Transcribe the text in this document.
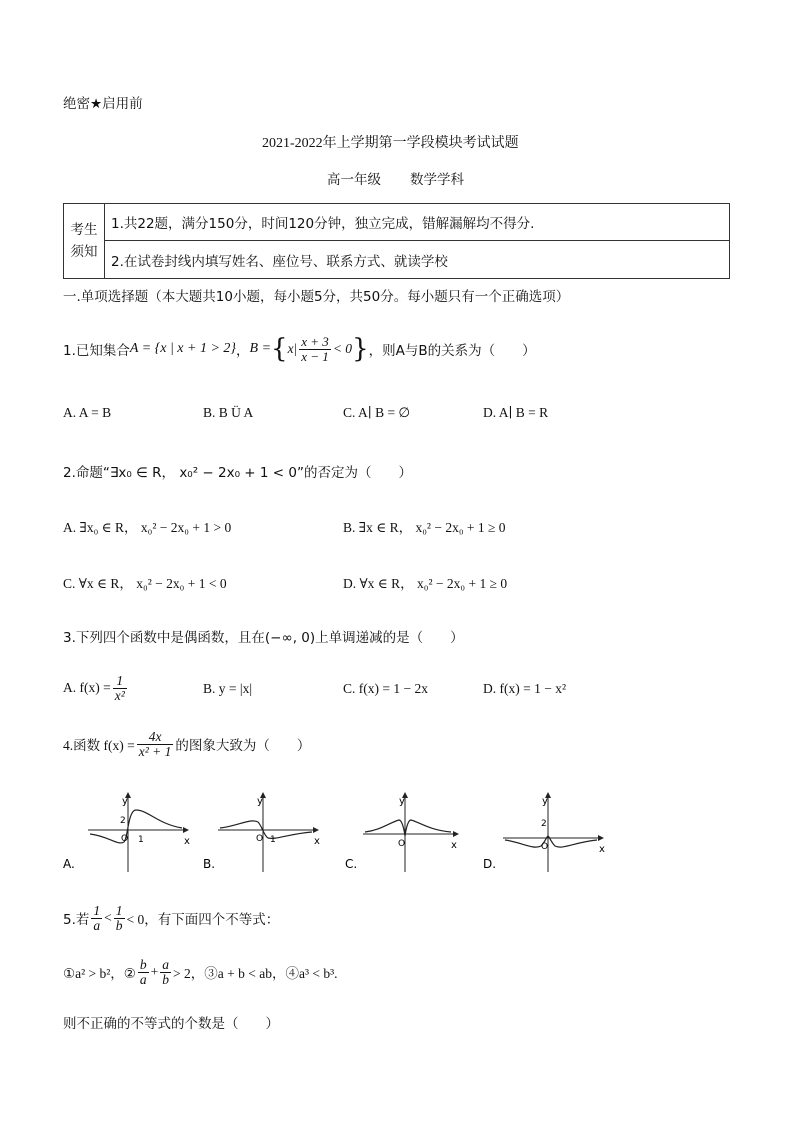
绝密★启用前
2021-2022年上学期第一学段模块考试试题
高一年级 数学学科
考生
须知	1.共22题，满分150分，时间120分钟，独立完成，错解漏解均不得分.
2.在试卷封线内填写姓名、座位号、联系方式、就读学校
一.单项选择题（本大题共10小题，每小题5分，共50分。每小题只有一个正确选项）
1.已知集合 A = {x | x + 1 > 2} ， B = { $x| \frac{x + 3}{x - 1} < 0$ } ，则A与B的关系为（　　）
A. A = B	B. B Ü A	C. A∣ B = ∅	D. A∣ B = R
2.命题“∃x₀ ∈ R， x₀² − 2x₀ + 1 < 0”的否定为（　　）
A. ∃x₀ ∈ R， x₀² − 2x₀ + 1 > 0	B. ∃x ∈ R， x₀² − 2x₀ + 1 ≥ 0
C. ∀x ∈ R， x₀² − 2x₀ + 1 < 0	D. ∀x ∈ R， x₀² − 2x₀ + 1 ≥ 0
3.下列四个函数中是偶函数，且在(−∞, 0)上单调递减的是（　　）
A. $f(x) = \frac{1}{\text{x²}}$	B. y = |x|	C. f(x) = 1 − 2x	D. f(x) = 1 − x²
4.函数 $f(x) = \frac{4x}{\text{x² + 1}}$ 的图象大致为（　　）
y
x
2
1
O
A.
y
x
O 1
B.
y
x
O
C.
y
x
2
O
D.
5.若 $\frac{1}{a} < \frac{1}{b} < 0$，有下面四个不等式：
①a² > b²，② $\frac{b}{a} + \frac{a}{b} > 2$，③a + b < ab，④a³ < b³.
则不正确的不等式的个数是（　　）
